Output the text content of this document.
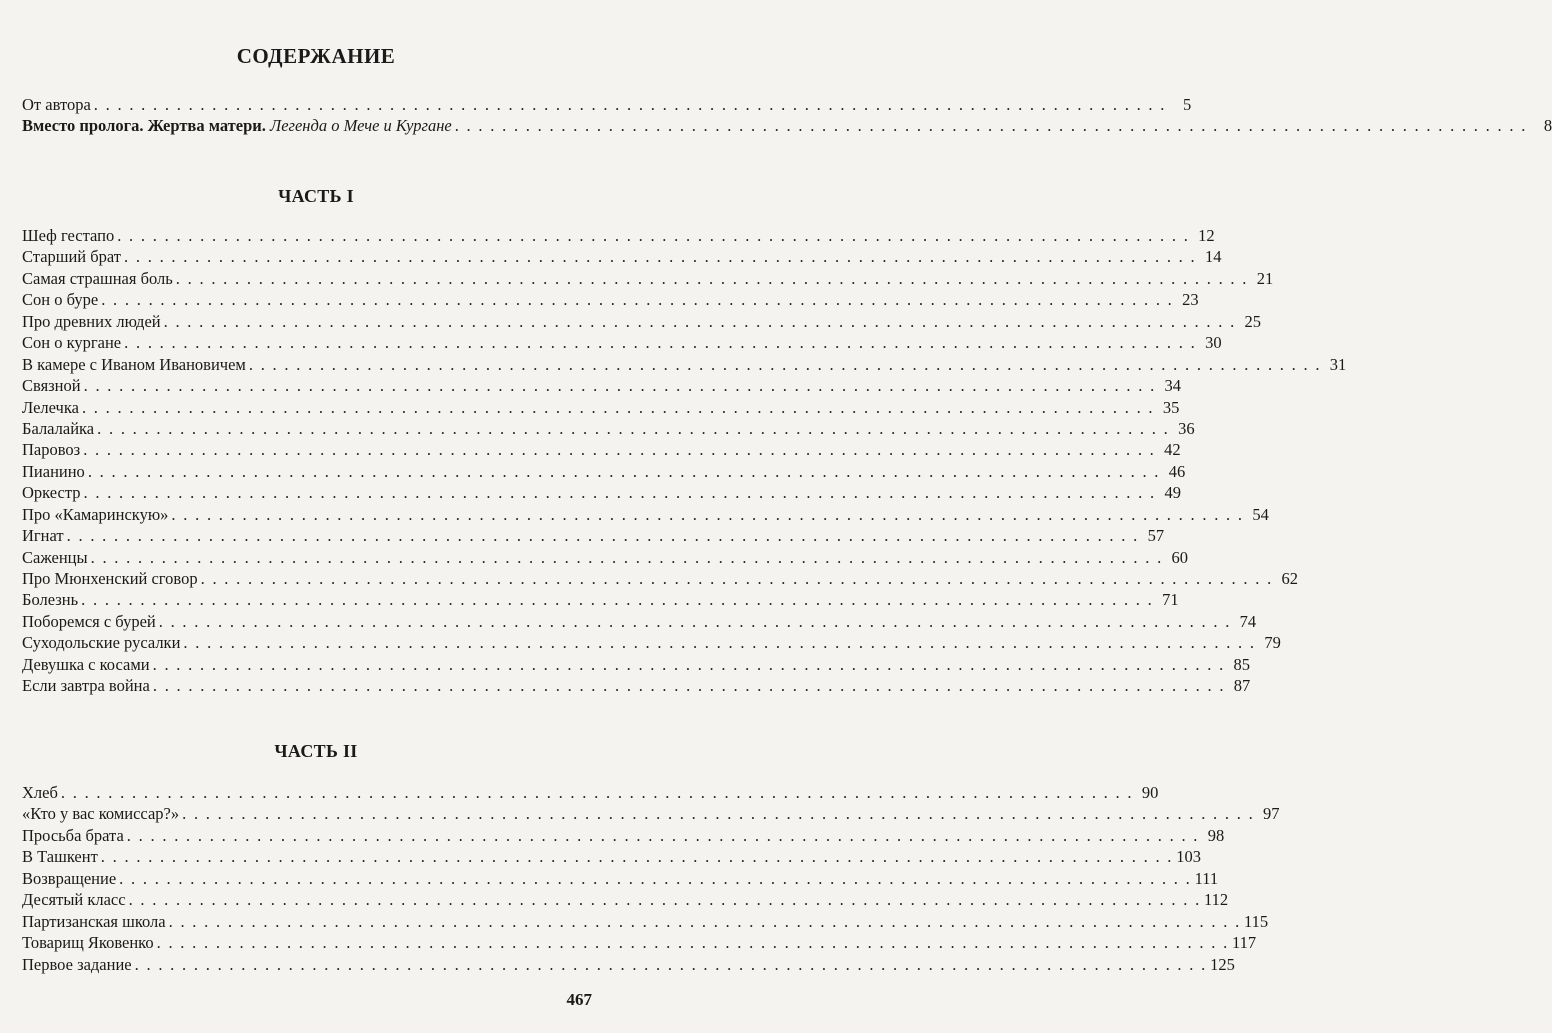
СОДЕРЖАНИЕ
От автора . . . . . . . . . . . . . . . . . . . . . . . . . . . . . . . . . . . . . . . . . . . . . . . . . . . . . . . . . . . . . . . . . . . . . . . . . . . . . . . . . . . . . . . . . . .	5
Вместо пролога. Жертва матери. Легенда о Мече и Кургане . . . . . . . . . . . . . . . . . . . . . . . . . . . . . . . . . . . . . . . . . . . . . . . . . . . . . . . . . . . . . . . . . . . . . . . . . . . . . . . . . . . . . . . . . . .	8
ЧАСТЬ I
Шеф гестапо . . . . . . . . . . . . . . . . . . . . . . . . . . . . . . . . . . . . . . . . . . . . . . . . . . . . . . . . . . . . . . . . . . . . . . . . . . . . . . . . . . . . . . . . . . . 12
Старший брат . . . . . . . . . . . . . . . . . . . . . . . . . . . . . . . . . . . . . . . . . . . . . . . . . . . . . . . . . . . . . . . . . . . . . . . . . . . . . . . . . . . . . . . . . . . 14
Самая страшная боль . . . . . . . . . . . . . . . . . . . . . . . . . . . . . . . . . . . . . . . . . . . . . . . . . . . . . . . . . . . . . . . . . . . . . . . . . . . . . . . . . . . . . . . . . . . 21
Сон о буре . . . . . . . . . . . . . . . . . . . . . . . . . . . . . . . . . . . . . . . . . . . . . . . . . . . . . . . . . . . . . . . . . . . . . . . . . . . . . . . . . . . . . . . . . . . 23
Про древних людей . . . . . . . . . . . . . . . . . . . . . . . . . . . . . . . . . . . . . . . . . . . . . . . . . . . . . . . . . . . . . . . . . . . . . . . . . . . . . . . . . . . . . . . . . . . 25
Сон о кургане . . . . . . . . . . . . . . . . . . . . . . . . . . . . . . . . . . . . . . . . . . . . . . . . . . . . . . . . . . . . . . . . . . . . . . . . . . . . . . . . . . . . . . . . . . . 30
В камере с Иваном Ивановичем . . . . . . . . . . . . . . . . . . . . . . . . . . . . . . . . . . . . . . . . . . . . . . . . . . . . . . . . . . . . . . . . . . . . . . . . . . . . . . . . . . . . . . . . . . . 31
Связной . . . . . . . . . . . . . . . . . . . . . . . . . . . . . . . . . . . . . . . . . . . . . . . . . . . . . . . . . . . . . . . . . . . . . . . . . . . . . . . . . . . . . . . . . . . 34
Лелечка . . . . . . . . . . . . . . . . . . . . . . . . . . . . . . . . . . . . . . . . . . . . . . . . . . . . . . . . . . . . . . . . . . . . . . . . . . . . . . . . . . . . . . . . . . . 35
Балалайка . . . . . . . . . . . . . . . . . . . . . . . . . . . . . . . . . . . . . . . . . . . . . . . . . . . . . . . . . . . . . . . . . . . . . . . . . . . . . . . . . . . . . . . . . . . 36
Паровоз . . . . . . . . . . . . . . . . . . . . . . . . . . . . . . . . . . . . . . . . . . . . . . . . . . . . . . . . . . . . . . . . . . . . . . . . . . . . . . . . . . . . . . . . . . . 42
Пианино . . . . . . . . . . . . . . . . . . . . . . . . . . . . . . . . . . . . . . . . . . . . . . . . . . . . . . . . . . . . . . . . . . . . . . . . . . . . . . . . . . . . . . . . . . . 46
Оркестр . . . . . . . . . . . . . . . . . . . . . . . . . . . . . . . . . . . . . . . . . . . . . . . . . . . . . . . . . . . . . . . . . . . . . . . . . . . . . . . . . . . . . . . . . . . 49
Про «Камаринскую» . . . . . . . . . . . . . . . . . . . . . . . . . . . . . . . . . . . . . . . . . . . . . . . . . . . . . . . . . . . . . . . . . . . . . . . . . . . . . . . . . . . . . . . . . . . 54
Игнат . . . . . . . . . . . . . . . . . . . . . . . . . . . . . . . . . . . . . . . . . . . . . . . . . . . . . . . . . . . . . . . . . . . . . . . . . . . . . . . . . . . . . . . . . . . 57
Саженцы . . . . . . . . . . . . . . . . . . . . . . . . . . . . . . . . . . . . . . . . . . . . . . . . . . . . . . . . . . . . . . . . . . . . . . . . . . . . . . . . . . . . . . . . . . . 60
Про Мюнхенский сговор . . . . . . . . . . . . . . . . . . . . . . . . . . . . . . . . . . . . . . . . . . . . . . . . . . . . . . . . . . . . . . . . . . . . . . . . . . . . . . . . . . . . . . . . . . . 62
Болезнь . . . . . . . . . . . . . . . . . . . . . . . . . . . . . . . . . . . . . . . . . . . . . . . . . . . . . . . . . . . . . . . . . . . . . . . . . . . . . . . . . . . . . . . . . . . 71
Поборемся с бурей . . . . . . . . . . . . . . . . . . . . . . . . . . . . . . . . . . . . . . . . . . . . . . . . . . . . . . . . . . . . . . . . . . . . . . . . . . . . . . . . . . . . . . . . . . . 74
Суходольские русалки . . . . . . . . . . . . . . . . . . . . . . . . . . . . . . . . . . . . . . . . . . . . . . . . . . . . . . . . . . . . . . . . . . . . . . . . . . . . . . . . . . . . . . . . . . . 79
Девушка с косами . . . . . . . . . . . . . . . . . . . . . . . . . . . . . . . . . . . . . . . . . . . . . . . . . . . . . . . . . . . . . . . . . . . . . . . . . . . . . . . . . . . . . . . . . . . 85
Если завтра война . . . . . . . . . . . . . . . . . . . . . . . . . . . . . . . . . . . . . . . . . . . . . . . . . . . . . . . . . . . . . . . . . . . . . . . . . . . . . . . . . . . . . . . . . . . 87
ЧАСТЬ II
Хлеб . . . . . . . . . . . . . . . . . . . . . . . . . . . . . . . . . . . . . . . . . . . . . . . . . . . . . . . . . . . . . . . . . . . . . . . . . . . . . . . . . . . . . . . . . . . 90
«Кто у вас комиссар?» . . . . . . . . . . . . . . . . . . . . . . . . . . . . . . . . . . . . . . . . . . . . . . . . . . . . . . . . . . . . . . . . . . . . . . . . . . . . . . . . . . . . . . . . . . . 97
Просьба брата . . . . . . . . . . . . . . . . . . . . . . . . . . . . . . . . . . . . . . . . . . . . . . . . . . . . . . . . . . . . . . . . . . . . . . . . . . . . . . . . . . . . . . . . . . . 98
В Ташкент . . . . . . . . . . . . . . . . . . . . . . . . . . . . . . . . . . . . . . . . . . . . . . . . . . . . . . . . . . . . . . . . . . . . . . . . . . . . . . . . . . . . . . . . . . . 103
Возвращение . . . . . . . . . . . . . . . . . . . . . . . . . . . . . . . . . . . . . . . . . . . . . . . . . . . . . . . . . . . . . . . . . . . . . . . . . . . . . . . . . . . . . . . . . . . 111
Десятый класс . . . . . . . . . . . . . . . . . . . . . . . . . . . . . . . . . . . . . . . . . . . . . . . . . . . . . . . . . . . . . . . . . . . . . . . . . . . . . . . . . . . . . . . . . . . 112
Партизанская школа . . . . . . . . . . . . . . . . . . . . . . . . . . . . . . . . . . . . . . . . . . . . . . . . . . . . . . . . . . . . . . . . . . . . . . . . . . . . . . . . . . . . . . . . . . . 115
Товарищ Яковенко . . . . . . . . . . . . . . . . . . . . . . . . . . . . . . . . . . . . . . . . . . . . . . . . . . . . . . . . . . . . . . . . . . . . . . . . . . . . . . . . . . . . . . . . . . . 117
Первое задание . . . . . . . . . . . . . . . . . . . . . . . . . . . . . . . . . . . . . . . . . . . . . . . . . . . . . . . . . . . . . . . . . . . . . . . . . . . . . . . . . . . . . . . . . . . 125
467
